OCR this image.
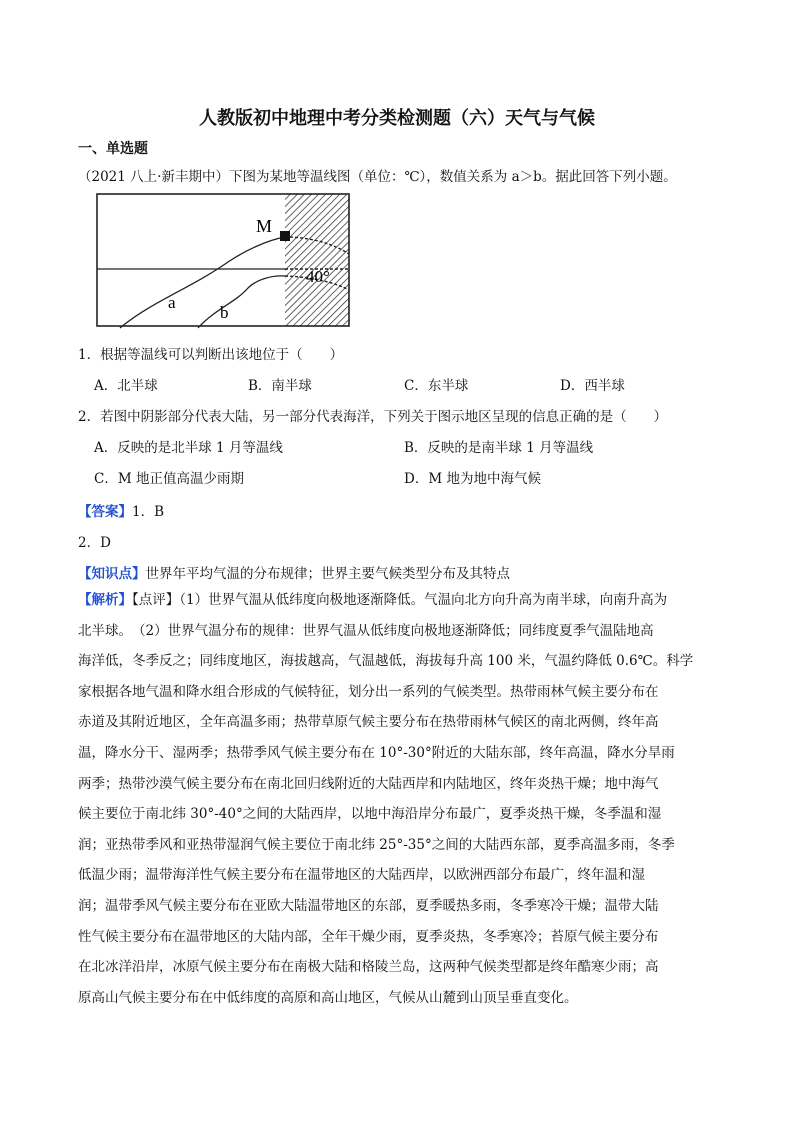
人教版初中地理中考分类检测题（六）天气与气候
一、单选题
（2021 八上·新丰期中）下图为某地等温线图（单位：℃），数值关系为 a＞b。据此回答下列小题。
M
a
b
40°
1．根据等温线可以判断出该地位于（　　）
A．北半球	B．南半球	C．东半球	D．西半球
2．若图中阴影部分代表大陆，另一部分代表海洋，下列关于图示地区呈现的信息正确的是（　　）
A．反映的是北半球 1 月等温线	B．反映的是南半球 1 月等温线
C．M 地正值高温少雨期	D．M 地为地中海气候
【答案】1．B
2．D
【知识点】世界年平均气温的分布规律；世界主要气候类型分布及其特点
【解析】【点评】（1）世界气温从低纬度向极地逐渐降低。气温向北方向升高为南半球，向南升高为
北半球。　（2）世界气温分布的规律：世界气温从低纬度向极地逐渐降低；同纬度夏季气温陆地高
海洋低，冬季反之；同纬度地区，海拔越高，气温越低，海拔每升高 100 米，气温约降低 0.6℃。科学
家根据各地气温和降水组合形成的气候特征，划分出一系列的气候类型。热带雨林气候主要分布在
赤道及其附近地区，全年高温多雨；热带草原气候主要分布在热带雨林气候区的南北两侧，终年高
温，降水分干、湿两季；热带季风气候主要分布在 10°-30°附近的大陆东部，终年高温，降水分旱雨
两季；热带沙漠气候主要分布在南北回归线附近的大陆西岸和内陆地区，终年炎热干燥；地中海气
候主要位于南北纬 30°-40°之间的大陆西岸，以地中海沿岸分布最广，夏季炎热干燥，冬季温和湿
润；亚热带季风和亚热带湿润气候主要位于南北纬 25°-35°之间的大陆西东部，夏季高温多雨，冬季
低温少雨；温带海洋性气候主要分布在温带地区的大陆西岸，以欧洲西部分布最广，终年温和湿
润；温带季风气候主要分布在亚欧大陆温带地区的东部，夏季暖热多雨，冬季寒冷干燥；温带大陆
性气候主要分布在温带地区的大陆内部，全年干燥少雨，夏季炎热，冬季寒冷；苔原气候主要分布
在北冰洋沿岸，冰原气候主要分布在南极大陆和格陵兰岛，这两种气候类型都是终年酷寒少雨；高
原高山气候主要分布在中低纬度的高原和高山地区，气候从山麓到山顶呈垂直变化。
